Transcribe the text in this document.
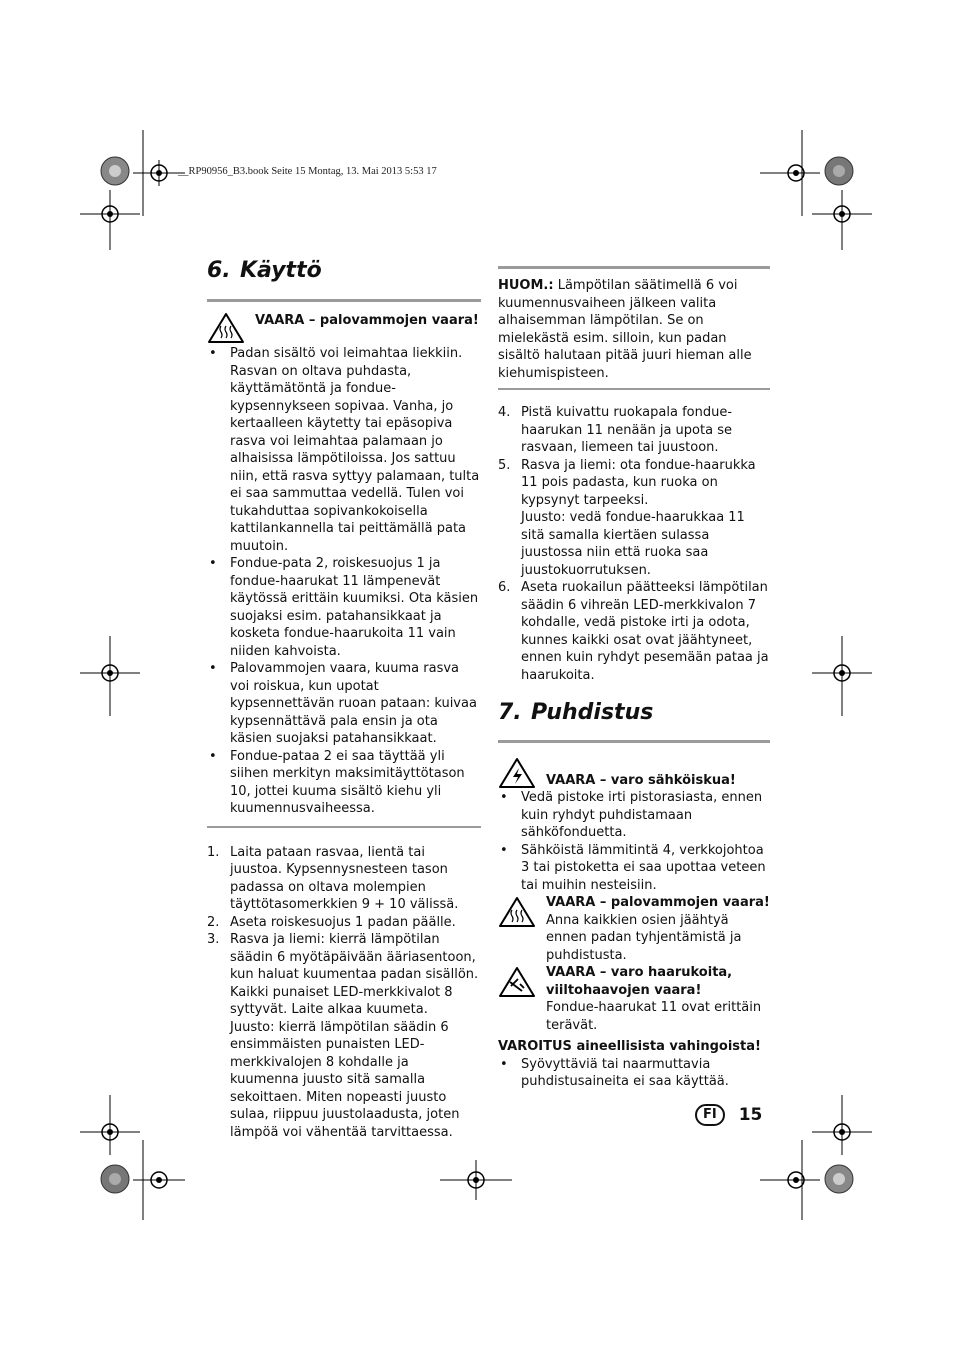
__RP90956_B3.book Seite 15 Montag, 13. Mai 2013 5:53 17
6. Käyttö
VAARA – palovammojen vaara!
• Padan sisältö voi leimahtaa liekkiin. Rasvan on oltava puhdasta, käyttämätöntä ja fondue-kypsennykseen sopivaa. Vanha, jo kertaalleen käytetty tai epäsopiva rasva voi leimahtaa palamaan jo alhaisissa lämpötiloissa. Jos sattuu niin, että rasva syttyy palamaan, tulta ei saa sammuttaa vedellä. Tulen voi tukahduttaa sopivankokoisella kattilankannella tai peittämällä pata muutoin.
• Fondue-pata 2, roiskesuojus 1 ja fondue-haarukat 11 lämpenevät käytössä erittäin kuumiksi. Ota käsien suojaksi esim. patahansikkaat ja kosketa fondue-haarukoita 11 vain niiden kahvoista.
• Palovammojen vaara, kuuma rasva voi roiskua, kun upotat kypsennettävän ruoan pataan: kuivaa kypsennättävä pala ensin ja ota käsien suojaksi patahansikkaat.
• Fondue-pataa 2 ei saa täyttää yli siihen merkityn maksimitäyttötason 10, jottei kuuma sisältö kiehu yli kuumennusvaiheessa.
1. Laita pataan rasvaa, lientä tai juustoa. Kypsennysnesteen tason padassa on oltava molempien täyttötasomerkkien 9 + 10 välissä.
2. Aseta roiskesuojus 1 padan päälle.
3. Rasva ja liemi: kierrä lämpötilan säädin 6 myötäpäivään ääriasentoon, kun haluat kuumentaa padan sisällön. Kaikki punaiset LED-merkkivalot 8 syttyvät. Laite alkaa kuumeta.
Juusto: kierrä lämpötilan säädin 6 ensimmäisten punaisten LED-merkkivalojen 8 kohdalle ja kuumenna juusto sitä samalla sekoittaen. Miten nopeasti juusto sulaa, riippuu juustolaadusta, joten lämpöä voi vähentää tarvittaessa.
HUOM.: Lämpötilan säätimellä 6 voi kuumennusvaiheen jälkeen valita alhaisemman lämpötilan. Se on mielekästä esim. silloin, kun padan sisältö halutaan pitää juuri hieman alle kiehumispisteen.
4. Pistä kuivattu ruokapala fondue-haarukan 11 nenään ja upota se rasvaan, liemeen tai juustoon.
5. Rasva ja liemi: ota fondue-haarukka 11 pois padasta, kun ruoka on kypsynyt tarpeeksi.
Juusto: vedä fondue-haarukkaa 11 sitä samalla kiertäen sulassa juustossa niin että ruoka saa juustokuorrutuksen.
6. Aseta ruokailun päätteeksi lämpötilan säädin 6 vihreän LED-merkkivalon 7 kohdalle, vedä pistoke irti ja odota, kunnes kaikki osat ovat jäähtyneet, ennen kuin ryhdyt pesemään pataa ja haarukoita.
7. Puhdistus
VAARA – varo sähköiskua!
• Vedä pistoke irti pistorasiasta, ennen kuin ryhdyt puhdistamaan sähköfonduetta.
• Sähköistä lämmitintä 4, verkkojohtoa 3 tai pistoketta ei saa upottaa veteen tai muihin nesteisiin.
VAARA – palovammojen vaara!
Anna kaikkien osien jäähtyä ennen padan tyhjentämistä ja puhdistusta.
VAARA – varo haarukoita, viiltohaavojen vaara!
Fondue-haarukat 11 ovat erittäin terävät.
VAROITUS aineellisista vahingoista!
• Syövyttäviä tai naarmuttavia puhdistusaineita ei saa käyttää.
FI	15
